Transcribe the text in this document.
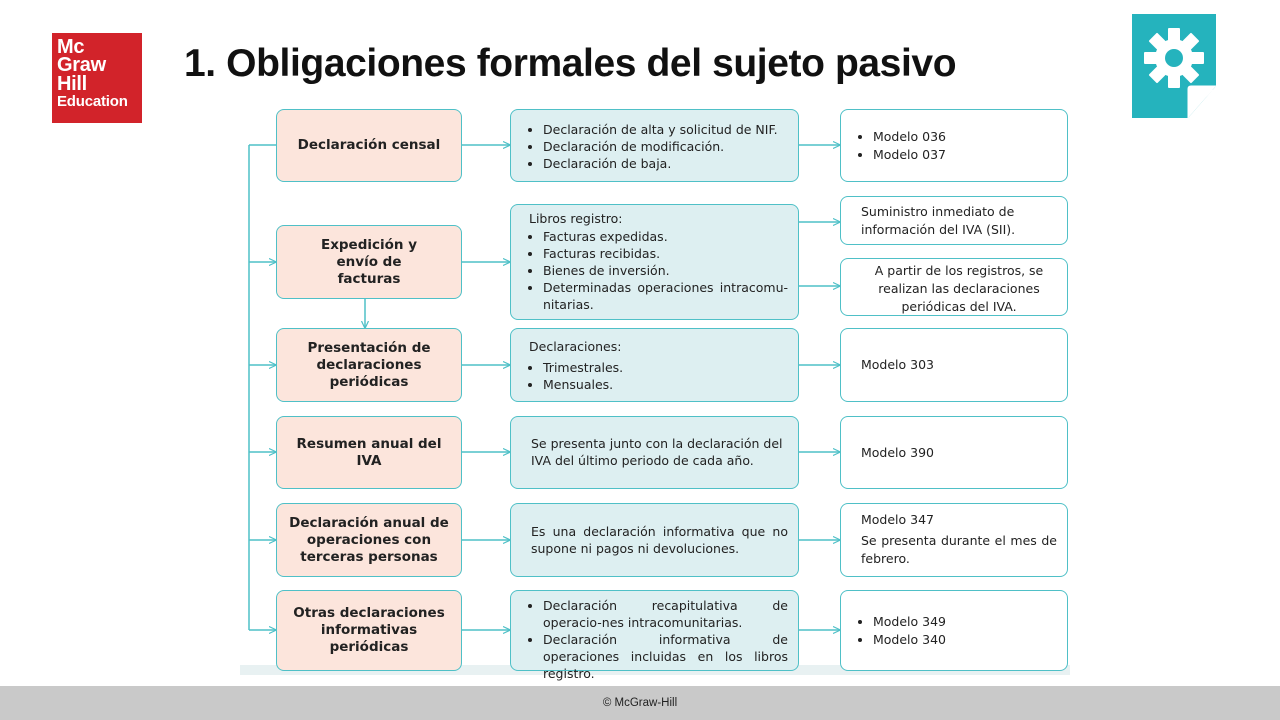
Mc
Graw
Hill
Education
1. Obligaciones formales del sujeto pasivo
Declaración censal
• Declaración de alta y solicitud de NIF.
• Declaración de modificación.
• Declaración de baja.
• Modelo 036
• Modelo 037
Expedición y envío de facturas

Libros registro:

• Facturas expedidas.
• Facturas recibidas.
• Bienes de inversión.
• Determinadas operaciones intracomu-nitarias.

Suministro inmediato de información del IVA (SII).

A partir de los registros, se realizan las declaraciones periódicas del IVA.

Presentación de declaraciones periódicas

Declaraciones:

• Trimestrales.
• Mensuales.

Modelo 303

Resumen anual del IVA

Se presenta junto con la declaración del IVA del último periodo de cada año.

Modelo 390

Declaración anual de operaciones con terceras personas

Es una declaración informativa que no supone ni pagos ni devoluciones.

Modelo 347

Se presenta durante el mes de febrero.

Otras declaraciones informativas periódicas
• Declaración recapitulativa de operacio-nes intracomunitarias.
• Declaración informativa de operaciones incluidas en los libros registro.
• Modelo 349
• Modelo 340
© McGraw-Hill
